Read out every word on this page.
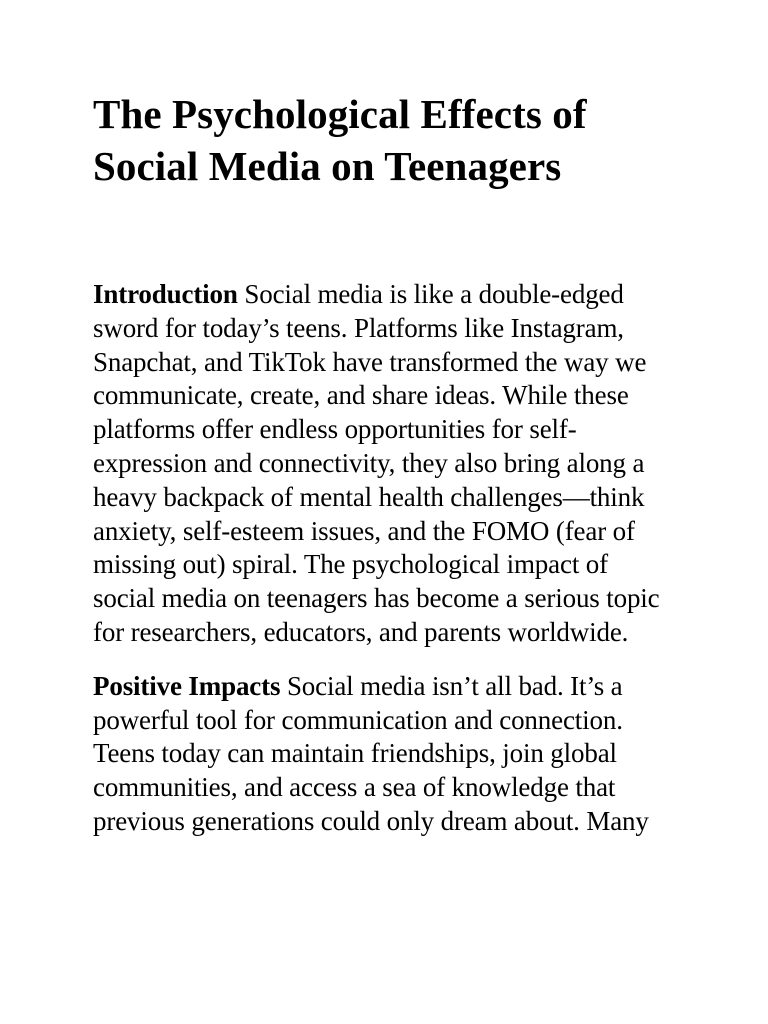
The Psychological Effects of Social Media on Teenagers

Introduction Social media is like a double-edged sword for today’s teens. Platforms like Instagram, Snapchat, and TikTok have transformed the way we communicate, create, and share ideas. While these platforms offer endless opportunities for self-expression and connectivity, they also bring along a heavy backpack of mental health challenges—think anxiety, self-esteem issues, and the FOMO (fear of missing out) spiral. The psychological impact of social media on teenagers has become a serious topic for researchers, educators, and parents worldwide.

Positive Impacts Social media isn’t all bad. It’s a powerful tool for communication and connection. Teens today can maintain friendships, join global communities, and access a sea of knowledge that previous generations could only dream about. Many
